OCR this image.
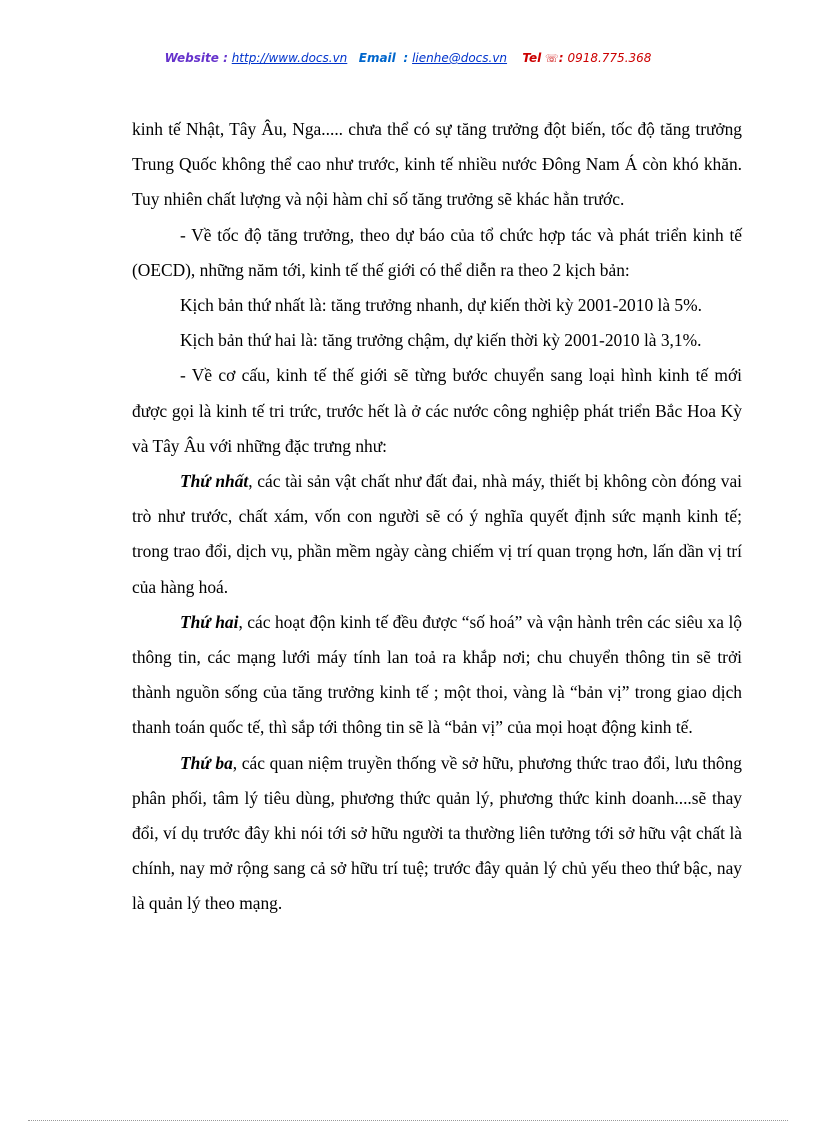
Website : http://www.docs.vn Email : lienhe@docs.vn Tel ☏: 0918.775.368

kinh tế Nhật, Tây Âu, Nga..... chưa thể có sự tăng trưởng đột biến, tốc độ tăng trưởng Trung Quốc không thể cao như trước, kinh tế nhiều nước Đông Nam Á còn khó khăn. Tuy nhiên chất lượng và nội hàm chỉ số tăng trưởng sẽ khác hẳn trước.

- Về tốc độ tăng trưởng, theo dự báo của tổ chức hợp tác và phát triển kinh tế (OECD), những năm tới, kinh tế thế giới có thể diễn ra theo 2 kịch bản:

Kịch bản thứ nhất là: tăng trưởng nhanh, dự kiến thời kỳ 2001-2010 là 5%.

Kịch bản thứ hai là: tăng trưởng chậm, dự kiến thời kỳ 2001-2010 là 3,1%.

- Về cơ cấu, kinh tế thế giới sẽ từng bước chuyển sang loại hình kinh tế mới được gọi là kinh tế tri trức, trước hết là ở các nước công nghiệp phát triển Bắc Hoa Kỳ và Tây Âu với những đặc trưng như:

Thứ nhất, các tài sản vật chất như đất đai, nhà máy, thiết bị không còn đóng vai trò như trước, chất xám, vốn con người sẽ có ý nghĩa quyết định sức mạnh kinh tế; trong trao đổi, dịch vụ, phần mềm ngày càng chiếm vị trí quan trọng hơn, lấn dần vị trí của hàng hoá.

Thứ hai, các hoạt độn kinh tế đều được “số hoá” và vận hành trên các siêu xa lộ thông tin, các mạng lưới máy tính lan toả ra khắp nơi; chu chuyển thông tin sẽ trởi thành nguồn sống của tăng trưởng kinh tế ; một thoi, vàng là “bản vị” trong giao dịch thanh toán quốc tế, thì sắp tới thông tin sẽ là “bản vị” của mọi hoạt động kinh tế.

Thứ ba, các quan niệm truyền thống về sở hữu, phương thức trao đổi, lưu thông phân phối, tâm lý tiêu dùng, phương thức quản lý, phương thức kinh doanh....sẽ thay đổi, ví dụ trước đây khi nói tới sở hữu người ta thường liên tưởng tới sở hữu vật chất là chính, nay mở rộng sang cả sở hữu trí tuệ; trước đây quản lý chủ yếu theo thứ bậc, nay là quản lý theo mạng.
